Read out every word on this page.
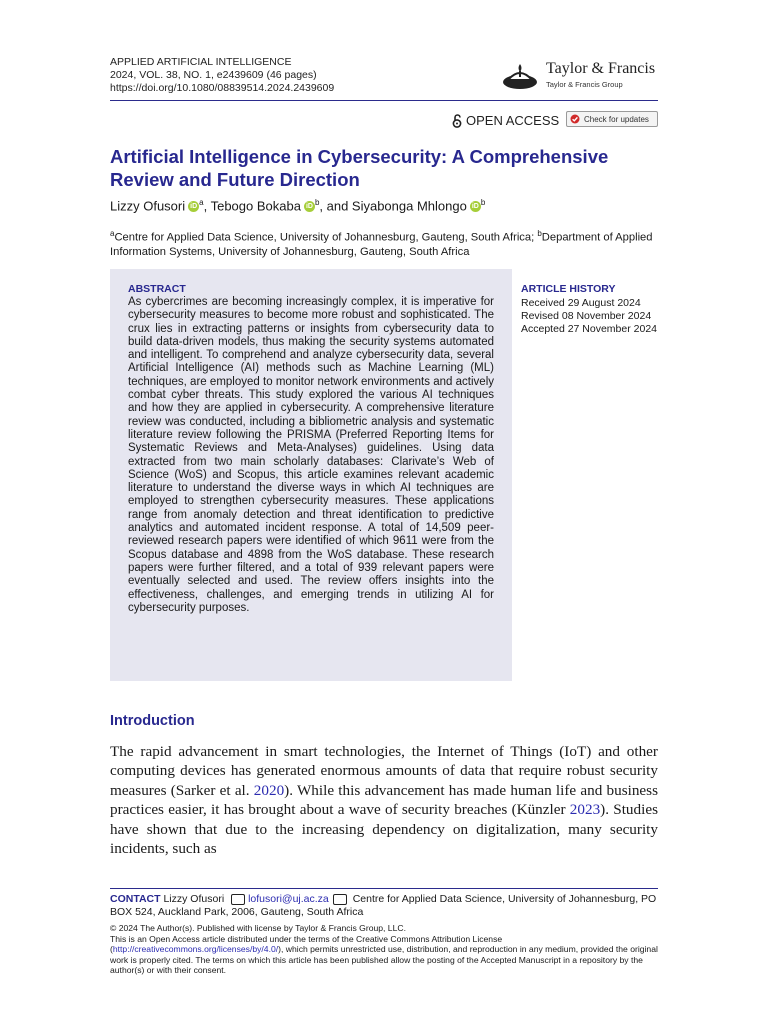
APPLIED ARTIFICIAL INTELLIGENCE
2024, VOL. 38, NO. 1, e2439609 (46 pages)
https://doi.org/10.1080/08839514.2024.2439609
Taylor & Francis
Taylor & Francis Group
OPEN ACCESS	Check for updates
Artificial Intelligence in Cybersecurity: A Comprehensive
Review and Future Direction
Lizzy Ofusori iD $^a$, Tebogo Bokaba iD $^b$, and Siyabonga Mhlongo iD $^b$
$^a$Centre for Applied Data Science, University of Johannesburg, Gauteng, South Africa; $^b$Department of Applied Information Systems, University of Johannesburg, Gauteng, South Africa
ABSTRACT
As cybercrimes are becoming increasingly complex, it is imperative for cybersecurity measures to become more robust and sophisticated. The crux lies in extracting patterns or insights from cybersecurity data to build data-driven models, thus making the security systems automated and intelligent. To comprehend and analyze cybersecurity data, several Artificial Intelligence (AI) methods such as Machine Learning (ML) techniques, are employed to monitor network environments and actively combat cyber threats. This study explored the various AI techniques and how they are applied in cybersecurity. A comprehensive literature review was conducted, including a bibliometric analysis and systematic literature review following the PRISMA (Preferred Reporting Items for Systematic Reviews and Meta-Analyses) guidelines. Using data extracted from two main scholarly databases: Clarivate’s Web of Science (WoS) and Scopus, this article examines relevant academic literature to understand the diverse ways in which AI techniques are employed to strengthen cybersecurity measures. These applications range from anomaly detection and threat identification to predictive analytics and automated incident response. A total of 14,509 peer-reviewed research papers were identified of which 9611 were from the Scopus database and 4898 from the WoS database. These research papers were further filtered, and a total of 939 relevant papers were eventually selected and used. The review offers insights into the effectiveness, challenges, and emerging trends in utilizing AI for cybersecurity purposes.
ARTICLE HISTORY
Received 29 August 2024
Revised 08 November 2024
Accepted 27 November 2024
Introduction
The rapid advancement in smart technologies, the Internet of Things (IoT) and other computing devices has generated enormous amounts of data that require robust security measures (Sarker et al. 2020). While this advancement has made human life and business practices easier, it has brought about a wave of security breaches (Künzler 2023). Studies have shown that due to the increasing dependency on digitalization, many security incidents, such as
CONTACT Lizzy Ofusori lofusori@uj.ac.za Centre for Applied Data Science, University of Johannesburg, PO BOX 524, Auckland Park, 2006, Gauteng, South Africa
© 2024 The Author(s). Published with license by Taylor & Francis Group, LLC.
This is an Open Access article distributed under the terms of the Creative Commons Attribution License (http://creativecommons.org/licenses/by/4.0/), which permits unrestricted use, distribution, and reproduction in any medium, provided the original work is properly cited. The terms on which this article has been published allow the posting of the Accepted Manuscript in a repository by the author(s) or with their consent.
